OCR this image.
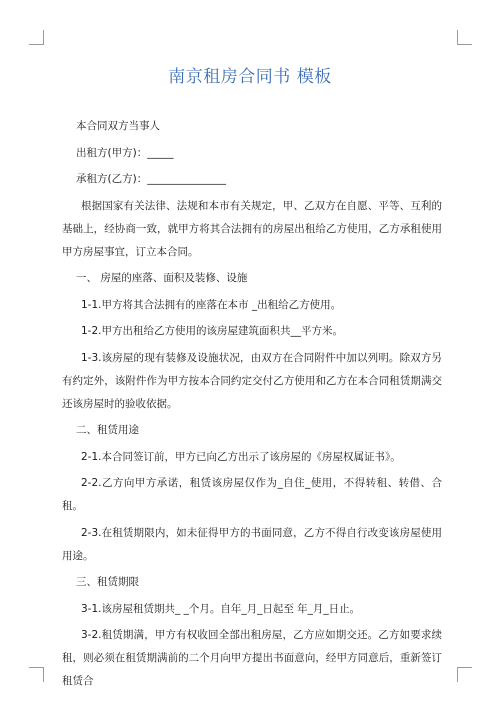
南京租房合同书 模板

本合同双方当事人

出租方(甲方)：_____

承租方(乙方)：_______________

根据国家有关法律、法规和本市有关规定，甲、乙双方在自愿、平等、互利的基础上，经协商一致，就甲方将其合法拥有的房屋出租给乙方使用，乙方承租使用甲方房屋事宜，订立本合同。

一、 房屋的座落、面积及装修、设施

1-1.甲方将其合法拥有的座落在本市 _出租给乙方使用。

1-2.甲方出租给乙方使用的该房屋建筑面积共__平方米。

1-3.该房屋的现有装修及设施状况，由双方在合同附件中加以列明。除双方另有约定外，该附件作为甲方按本合同约定交付乙方使用和乙方在本合同租赁期满交还该房屋时的验收依据。

二、租赁用途

2-1.本合同签订前，甲方已向乙方出示了该房屋的《房屋权属证书》。

2-2.乙方向甲方承诺，租赁该房屋仅作为_自住_使用，不得转租、转借、合租。

2-3.在租赁期限内，如未征得甲方的书面同意，乙方不得自行改变该房屋使用用途。

三、租赁期限

3-1.该房屋租赁期共_ _个月。自年_月_日起至 年_月_日止。

3-2.租赁期满，甲方有权收回全部出租房屋，乙方应如期交还。乙方如要求续租，则必须在租赁期满前的二个月向甲方提出书面意向，经甲方同意后，重新签订租赁合
